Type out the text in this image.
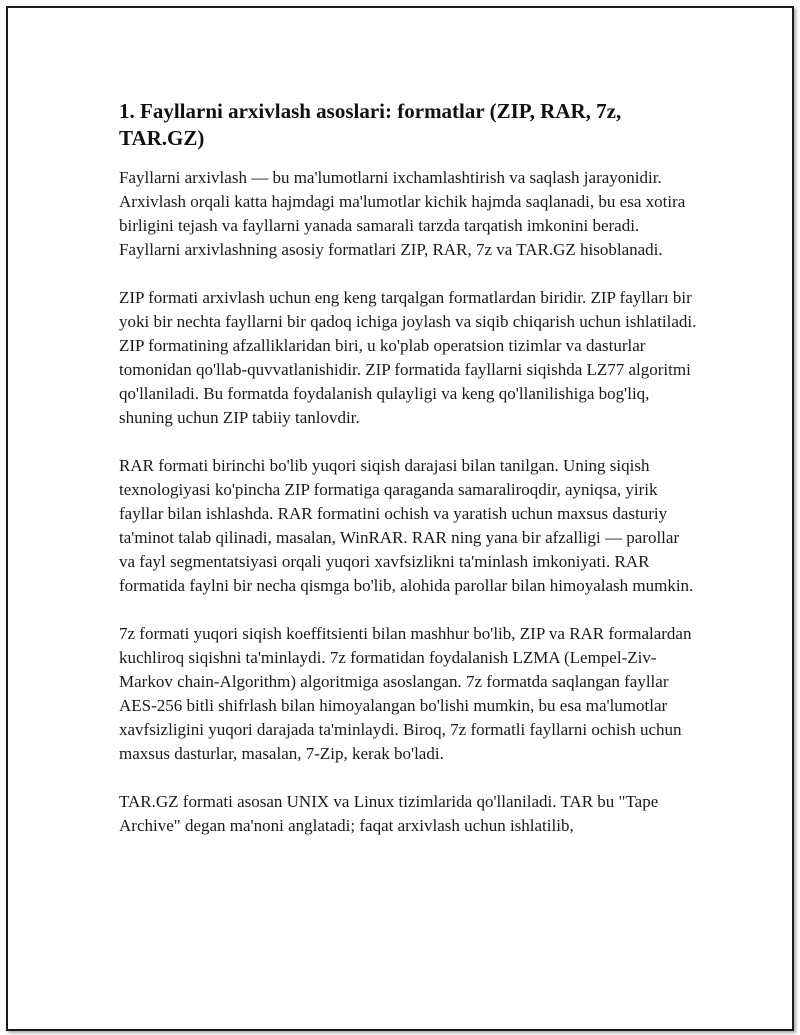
1. Fayllarni arxivlash asoslari: formatlar (ZIP, RAR, 7z, TAR.GZ)

Fayllarni arxivlash — bu ma'lumotlarni ixchamlashtirish va saqlash jarayonidir. Arxivlash orqali katta hajmdagi ma'lumotlar kichik hajmda saqlanadi, bu esa xotira birligini tejash va fayllarni yanada samarali tarzda tarqatish imkonini beradi. Fayllarni arxivlashning asosiy formatlari ZIP, RAR, 7z va TAR.GZ hisoblanadi.

ZIP formati arxivlash uchun eng keng tarqalgan formatlardan biridir. ZIP faylları bir yoki bir nechta fayllarni bir qadoq ichiga joylash va siqib chiqarish uchun ishlatiladi. ZIP formatining afzalliklaridan biri, u ko'plab operatsion tizimlar va dasturlar tomonidan qo'llab-quvvatlanishidir. ZIP formatida fayllarni siqishda LZ77 algoritmi qo'llaniladi. Bu formatda foydalanish qulayligi va keng qo'llanilishiga bog'liq, shuning uchun ZIP tabiiy tanlovdir.

RAR formati birinchi bo'lib yuqori siqish darajasi bilan tanilgan. Uning siqish texnologiyasi ko'pincha ZIP formatiga qaraganda samaraliroqdir, ayniqsa, yirik fayllar bilan ishlashda. RAR formatini ochish va yaratish uchun maxsus dasturiy ta'minot talab qilinadi, masalan, WinRAR. RAR ning yana bir afzalligi — parollar va fayl segmentatsiyasi orqali yuqori xavfsizlikni ta'minlash imkoniyati. RAR formatida faylni bir necha qismga bo'lib, alohida parollar bilan himoyalash mumkin.

7z formati yuqori siqish koeffitsienti bilan mashhur bo'lib, ZIP va RAR formalardan kuchliroq siqishni ta'minlaydi. 7z formatidan foydalanish LZMA (Lempel-Ziv-Markov chain-Algorithm) algoritmiga asoslangan. 7z formatda saqlangan fayllar AES-256 bitli shifrlash bilan himoyalangan bo'lishi mumkin, bu esa ma'lumotlar xavfsizligini yuqori darajada ta'minlaydi. Biroq, 7z formatli fayllarni ochish uchun maxsus dasturlar, masalan, 7-Zip, kerak bo'ladi.

TAR.GZ formati asosan UNIX va Linux tizimlarida qo'llaniladi. TAR bu "Tape Archive" degan ma'noni anglatadi; faqat arxivlash uchun ishlatilib,
